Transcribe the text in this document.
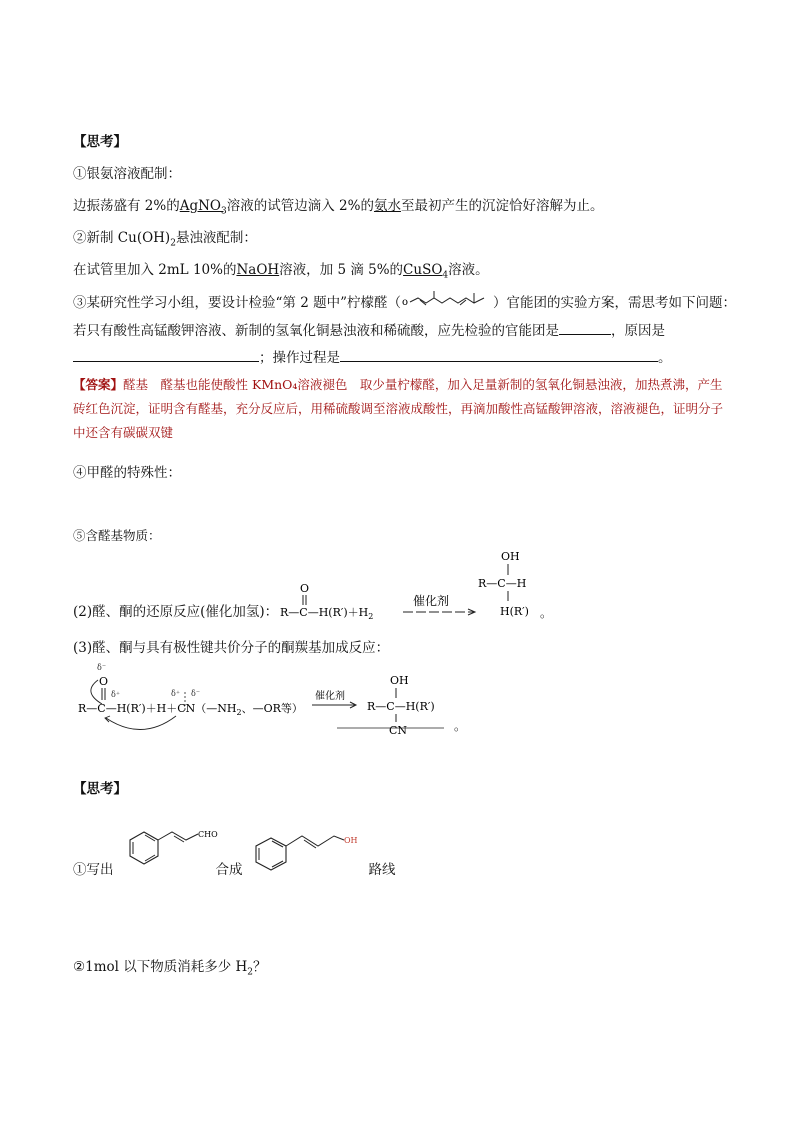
【思考】
①银氨溶液配制：
边振荡盛有 2%的AgNO$_3$溶液的试管边滴入 2%的氨水至最初产生的沉淀恰好溶解为止。
②新制 $Cu(OH)_2$悬浊液配制：
在试管里加入 2mL 10%的NaOH溶液，加 5 滴 5%的CuSO$_4$溶液。
③某研究性学习小组，要设计检验“第 2 题中”柠檬醛（ o	）官能团的实验方案，需思考如下问题：
若只有酸性高锰酸钾溶液、新制的氢氧化铜悬浊液和稀硫酸，应先检验的官能团是	，原因是
；操作过程是	。
【答案】醛基　醛基也能使酸性 KMnO₄溶液褪色　取少量柠檬醛，加入足量新制的氢氧化铜悬浊液，加热煮沸，产生砖红色沉淀，证明含有醛基，充分反应后，用稀硫酸调至溶液成酸性，再滴加酸性高锰酸钾溶液，溶液褪色，证明分子中还含有碳碳双键
④甲醛的特殊性：
⑤含醛基物质：
(2)醛、酮的还原反应(催化加氢)：
O
$R—C—H(R')+H_2$
催化剂
OH
R—C—H
H(R′) 。
(3)醛、酮与具有极性键共价分子的酮羰基加成反应：
δ⁻
O
δ⁺	δ⁺ δ⁻
$R—C—H(R')+H+CN(—NH_2$、—OR等）
催化剂
OH
R—C—H(R′)
CN	。
【思考】
CHO
OH
①写出	合成	路线
②1mol 以下物质消耗多少 $H_2$？
